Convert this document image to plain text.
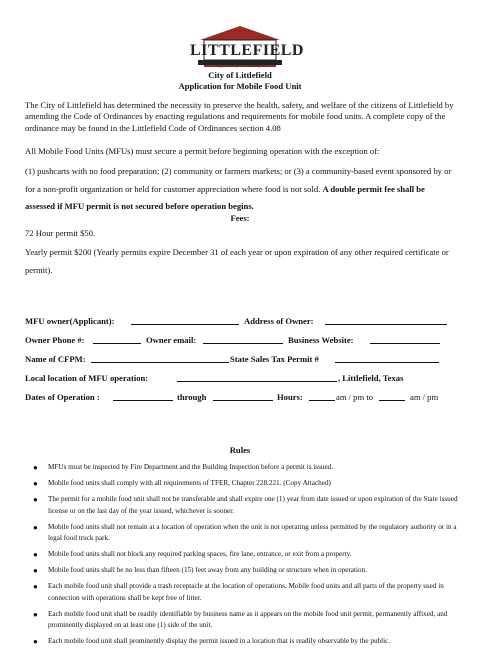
LITTLEFIELD
Happy what you're looking for
City of Littlefield
Application for Mobile Food Unit

The City of Littlefield has determined the necessity to preserve the health, safety, and welfare of the citizens of Littlefield by amending the Code of Ordinances by enacting regulations and requirements for mobile food units. A complete copy of the ordinance may be found in the Littlefield Code of Ordinances section 4.08

All Mobile Food Units (MFUs) must secure a permit before beginning operation with the exception of:

(1) pushcarts with no food preparation; (2) community or farmers markets; or (3) a community-based event sponsored by or for a non-profit organization or held for customer appreciation where food is not sold. A double permit fee shall be assessed if MFU permit is not secured before operation begins.

Fees:
72 Hour permit $50.
Yearly permit $200 (Yearly permits expire December 31 of each year or upon expiration of any other required certificate or permit).
MFU owner(Applicant):	Address of Owner:
Owner Phone #:	Owner email:	Business Website:
Name of CFPM:	State Sales Tax Permit #
Local location of MFU operation:	, Littlefield, Texas
Dates of Operation :	through	Hours:	am / pm to	am / pm
Rules
● MFUs must be inspected by Fire Department and the Building Inspection before a permit is issued.
● Mobile food units shall comply with all requirements of TFER, Chapter 228.221. (Copy Attached)
● The permit for a mobile food unit shall not be transferable and shall expire one (1) year from date issued or upon expiration of the State issued license or on the last day of the year issued, whichever is sooner.
● Mobile food units shall not remain at a location of operation when the unit is not operating unless permitted by the regulatory authority or in a legal food truck park.
● Mobile food units shall not block any required parking spaces, fire lane, entrance, or exit from a property.
● Mobile food units shall be no less than fifteen (15) feet away from any building or structure when in operation.
● Each mobile food unit shall provide a trash receptacle at the location of operations. Mobile food units and all parts of the property used in connection with operations shall be kept free of litter.
● Each mobile food unit shall be readily identifiable by business name as it appears on the mobile food unit permit, permanently affixed, and prominently displayed on at least one (1) side of the unit.
● Each mobile food unit shall prominently display the permit issued in a location that is readily observable by the public.
